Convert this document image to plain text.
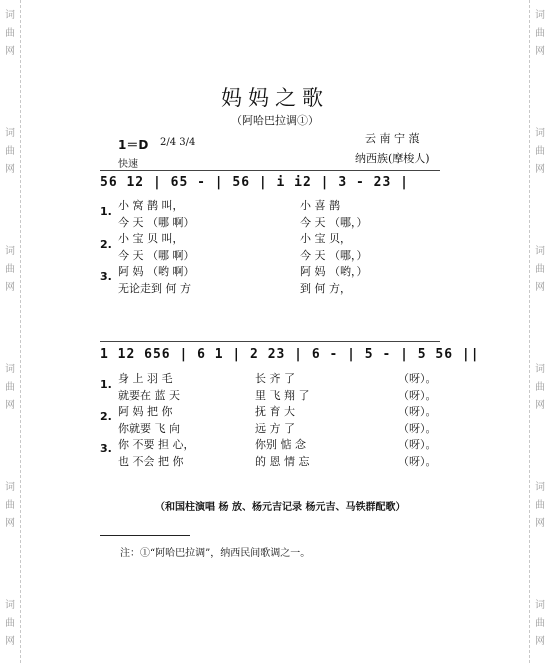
词
曲
网
词
曲
网
词
曲
网
词
曲
网
词
曲
网
词
曲
网
词
曲
网
词
曲
网
词
曲
网
词
曲
网
词
曲
网
词
曲
网
妈妈之歌
（阿哈巴拉调①）
云 南 宁 蒗
纳西族(摩梭人)
1＝D 2/4 3/4
快速
56 12 | 65 - | 56 | i i2 | 3 - 23 |
1.
2.
3.
小 窝 鹊 叫，
今 天 （哪 啊）
小 宝 贝 叫，
今 天 （哪 啊）
阿 妈 （哟 啊）
无论走到 何 方
小 喜 鹊
今 天 （哪，）
小 宝 贝，
今 天 （哪，）
阿 妈 （哟，）
到 何 方，
1 12 656 | 6 1 | 2 23 | 6 - | 5 - | 5 56 ||
1.
2.
3.
身 上 羽 毛
就要在 蓝 天
阿 妈 把 你
你就要 飞 向
你 不要 担 心，
也 不会 把 你
长 齐 了
里 飞 翔 了
抚 育 大
远 方 了
你别 惦 念
的 恩 情 忘
（呀）。
（呀）。
（呀）。
（呀）。
（呀）。
（呀）。
（和国柱演唱 杨 放、杨元吉记录 杨元吉、马铁群配歌）
注：①“阿哈巴拉调”，纳西民间歌调之一。
